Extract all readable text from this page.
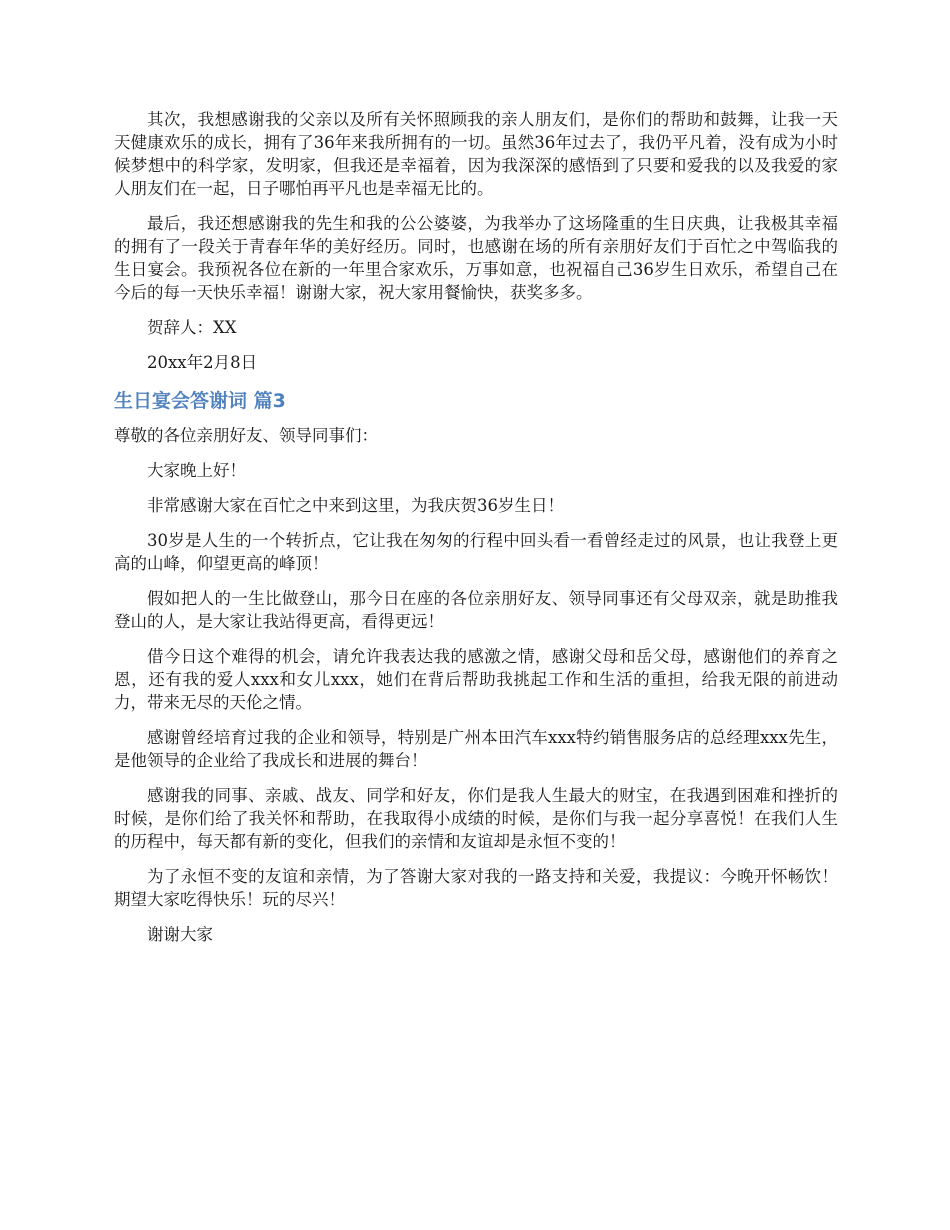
其次，我想感谢我的父亲以及所有关怀照顾我的亲人朋友们，是你们的帮助和鼓舞，让我一天天健康欢乐的成长，拥有了36年来我所拥有的一切。虽然36年过去了，我仍平凡着，没有成为小时候梦想中的科学家，发明家，但我还是幸福着，因为我深深的感悟到了只要和爱我的以及我爱的家人朋友们在一起，日子哪怕再平凡也是幸福无比的。

最后，我还想感谢我的先生和我的公公婆婆，为我举办了这场隆重的生日庆典，让我极其幸福的拥有了一段关于青春年华的美好经历。同时，也感谢在场的所有亲朋好友们于百忙之中驾临我的生日宴会。我预祝各位在新的一年里合家欢乐，万事如意，也祝福自己36岁生日欢乐，希望自己在今后的每一天快乐幸福！谢谢大家，祝大家用餐愉快，获奖多多。

贺辞人：XX

20xx年2月8日

生日宴会答谢词 篇3

尊敬的各位亲朋好友、领导同事们：

大家晚上好！

非常感谢大家在百忙之中来到这里，为我庆贺36岁生日！

30岁是人生的一个转折点，它让我在匆匆的行程中回头看一看曾经走过的风景，也让我登上更高的山峰，仰望更高的峰顶！

假如把人的一生比做登山，那今日在座的各位亲朋好友、领导同事还有父母双亲，就是助推我登山的人，是大家让我站得更高，看得更远！

借今日这个难得的机会，请允许我表达我的感激之情，感谢父母和岳父母，感谢他们的养育之恩，还有我的爱人xxx和女儿xxx，她们在背后帮助我挑起工作和生活的重担，给我无限的前进动力，带来无尽的天伦之情。

感谢曾经培育过我的企业和领导，特别是广州本田汽车xxx特约销售服务店的总经理xxx先生，是他领导的企业给了我成长和进展的舞台！

感谢我的同事、亲戚、战友、同学和好友，你们是我人生最大的财宝，在我遇到困难和挫折的时候，是你们给了我关怀和帮助，在我取得小成绩的时候，是你们与我一起分享喜悦！在我们人生的历程中，每天都有新的变化，但我们的亲情和友谊却是永恒不变的！

为了永恒不变的友谊和亲情，为了答谢大家对我的一路支持和关爱，我提议：今晚开怀畅饮！期望大家吃得快乐！玩的尽兴！

谢谢大家
